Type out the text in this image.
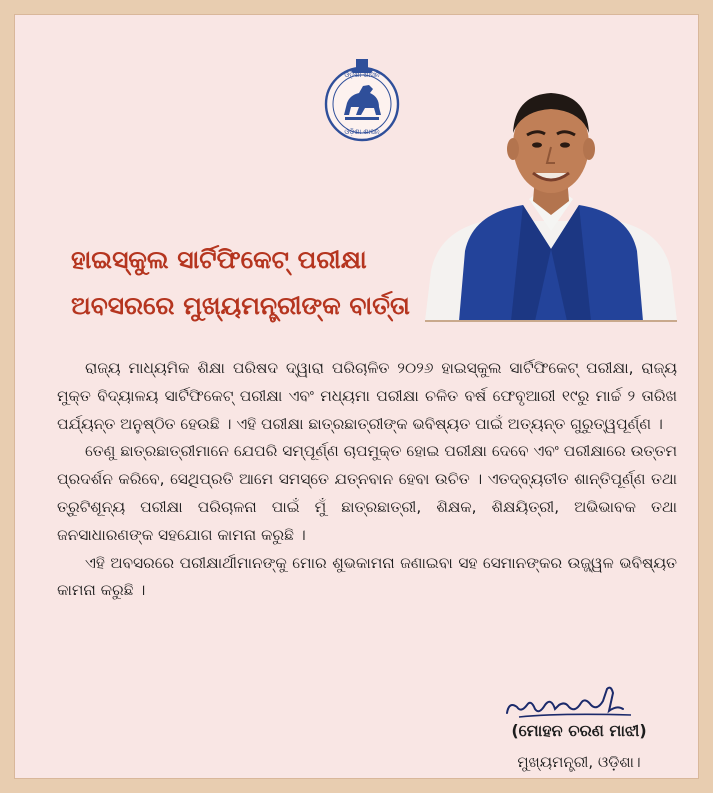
ଓଡ଼ିଶା ଶାସନ
ଓଡ଼ିଶା ଶାସନ
ହାଇସ୍କୁଲ ସାର୍ଟିଫିକେଟ୍ ପରୀକ୍ଷା
ଅବସରରେ ମୁଖ୍ୟମନ୍ତ୍ରୀଙ୍କ ବାର୍ତ୍ତା

ରାଜ୍ୟ ମାଧ୍ୟମିକ ଶିକ୍ଷା ପରିଷଦ ଦ୍ୱାରା ପରିଚାଳିତ ୨୦୨୬ ହାଇସ୍କୁଲ ସାର୍ଟିଫିକେଟ୍ ପରୀକ୍ଷା, ରାଜ୍ୟ ମୁକ୍ତ ବିଦ୍ୟାଳୟ ସାର୍ଟିଫିକେଟ୍ ପରୀକ୍ଷା ଏବଂ ମଧ୍ୟମା ପରୀକ୍ଷା ଚଳିତ ବର୍ଷ ଫେବୃଆରୀ ୧୯ରୁ ମାର୍ଚ୍ଚ ୨ ତାରିଖ ପର୍ଯ୍ୟନ୍ତ ଅନୁଷ୍ଠିତ ହେଉଛି । ଏହି ପରୀକ୍ଷା ଛାତ୍ରଛାତ୍ରୀଙ୍କ ଭବିଷ୍ୟତ ପାଇଁ ଅତ୍ୟନ୍ତ ଗୁରୁତ୍ୱପୂର୍ଣ୍ଣ ।

ତେଣୁ ଛାତ୍ରଛାତ୍ରୀମାନେ ଯେପରି ସମ୍ପୂର୍ଣ୍ଣ ଚାପମୁକ୍ତ ହୋଇ ପରୀକ୍ଷା ଦେବେ ଏବଂ ପରୀକ୍ଷାରେ ଉତ୍ତମ ପ୍ରଦର୍ଶନ କରିବେ, ସେଥିପ୍ରତି ଆମେ ସମସ୍ତେ ଯତ୍ନବାନ ହେବା ଉଚିତ । ଏତଦ୍‌ବ୍ୟତୀତ ଶାନ୍ତିପୂର୍ଣ୍ଣ ତଥା ତ୍ରୁଟିଶୂନ୍ୟ ପରୀକ୍ଷା ପରିଚାଳନା ପାଇଁ ମୁଁ ଛାତ୍ରଛାତ୍ରୀ, ଶିକ୍ଷକ, ଶିକ୍ଷୟିତ୍ରୀ, ଅଭିଭାବକ ତଥା ଜନସାଧାରଣଙ୍କ ସହଯୋଗ କାମନା କରୁଛି ।

ଏହି ଅବସରରେ ପରୀକ୍ଷାର୍ଥୀମାନଙ୍କୁ ମୋର ଶୁଭକାମନା ଜଣାଇବା ସହ ସେମାନଙ୍କର ଉଜ୍ଜ୍ୱଳ ଭବିଷ୍ୟତ କାମନା କରୁଛି ।

(ମୋହନ ଚରଣ ମାଝୀ)
ମୁଖ୍ୟମନ୍ତ୍ରୀ, ଓଡ଼ିଶା।
